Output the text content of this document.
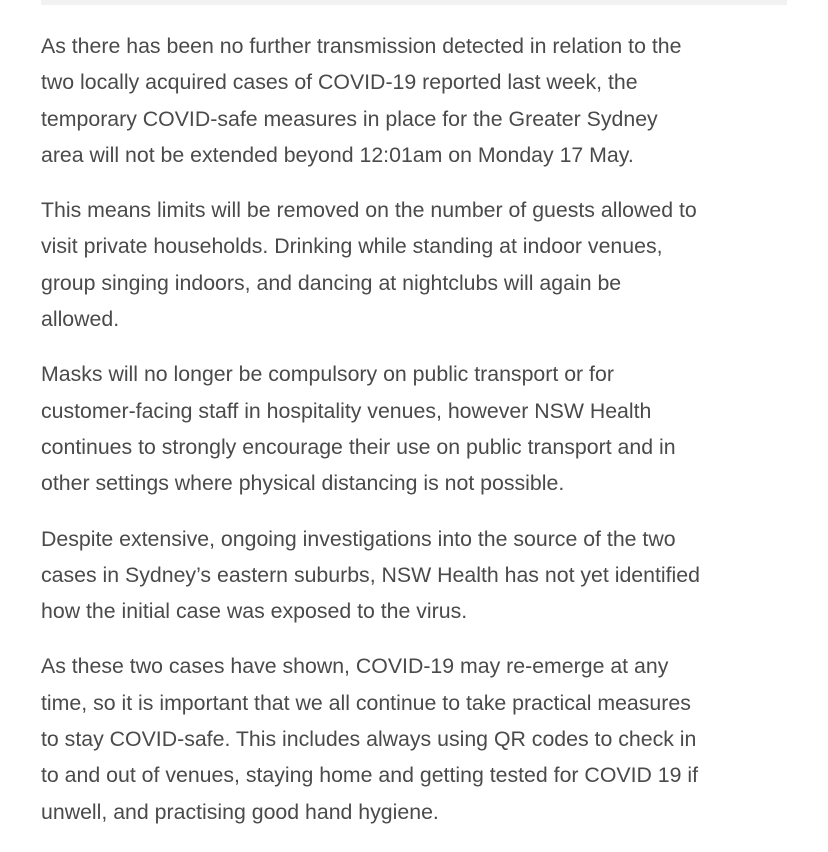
As there has been no further transmission detected in relation to the
two locally acquired cases of COVID-19 reported last week, the
temporary COVID-safe measures in place for the Greater Sydney
area will not be extended beyond 12:01am on Monday 17 May.

This means limits will be removed on the number of guests allowed to
visit private households. Drinking while standing at indoor venues,
group singing indoors, and dancing at nightclubs will again be
allowed.

Masks will no longer be compulsory on public transport or for
customer-facing staff in hospitality venues, however NSW Health
continues to strongly encourage their use on public transport and in
other settings where physical distancing is not possible.

Despite extensive, ongoing investigations into the source of the two
cases in Sydney’s eastern suburbs, NSW Health has not yet identified
how the initial case was exposed to the virus.

As these two cases have shown, COVID-19 may re-emerge at any
time, so it is important that we all continue to take practical measures
to stay COVID-safe. This includes always using QR codes to check in
to and out of venues, staying home and getting tested for COVID 19 if
unwell, and practising good hand hygiene.
